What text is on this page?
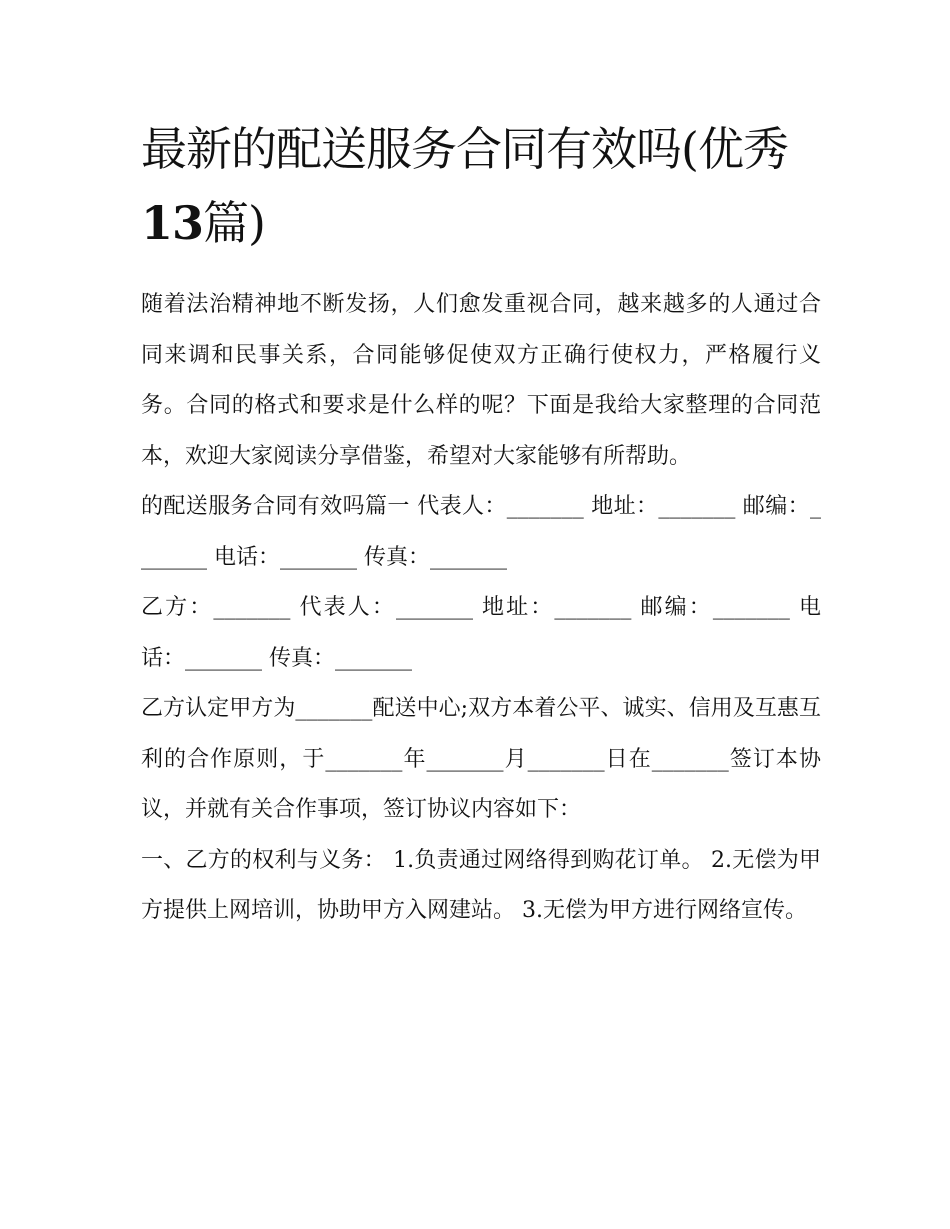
最新的配送服务合同有效吗(优秀13篇)

随着法治精神地不断发扬，人们愈发重视合同，越来越多的人通过合同来调和民事关系，合同能够促使双方正确行使权力，严格履行义务。合同的格式和要求是什么样的呢？下面是我给大家整理的合同范本，欢迎大家阅读分享借鉴，希望对大家能够有所帮助。

的配送服务合同有效吗篇一 代表人：_______ 地址：_______ 邮编：_______ 电话：_______ 传真：_______

乙方：_______ 代表人：_______ 地址：_______ 邮编：_______ 电话：_______ 传真：_______

乙方认定甲方为_______配送中心;双方本着公平、诚实、信用及互惠互利的合作原则，于_______年_______月_______日在_______签订本协议，并就有关合作事项，签订协议内容如下：

一、乙方的权利与义务： 1.负责通过网络得到购花订单。 2.无偿为甲方提供上网培训，协助甲方入网建站。 3.无偿为甲方进行网络宣传。
